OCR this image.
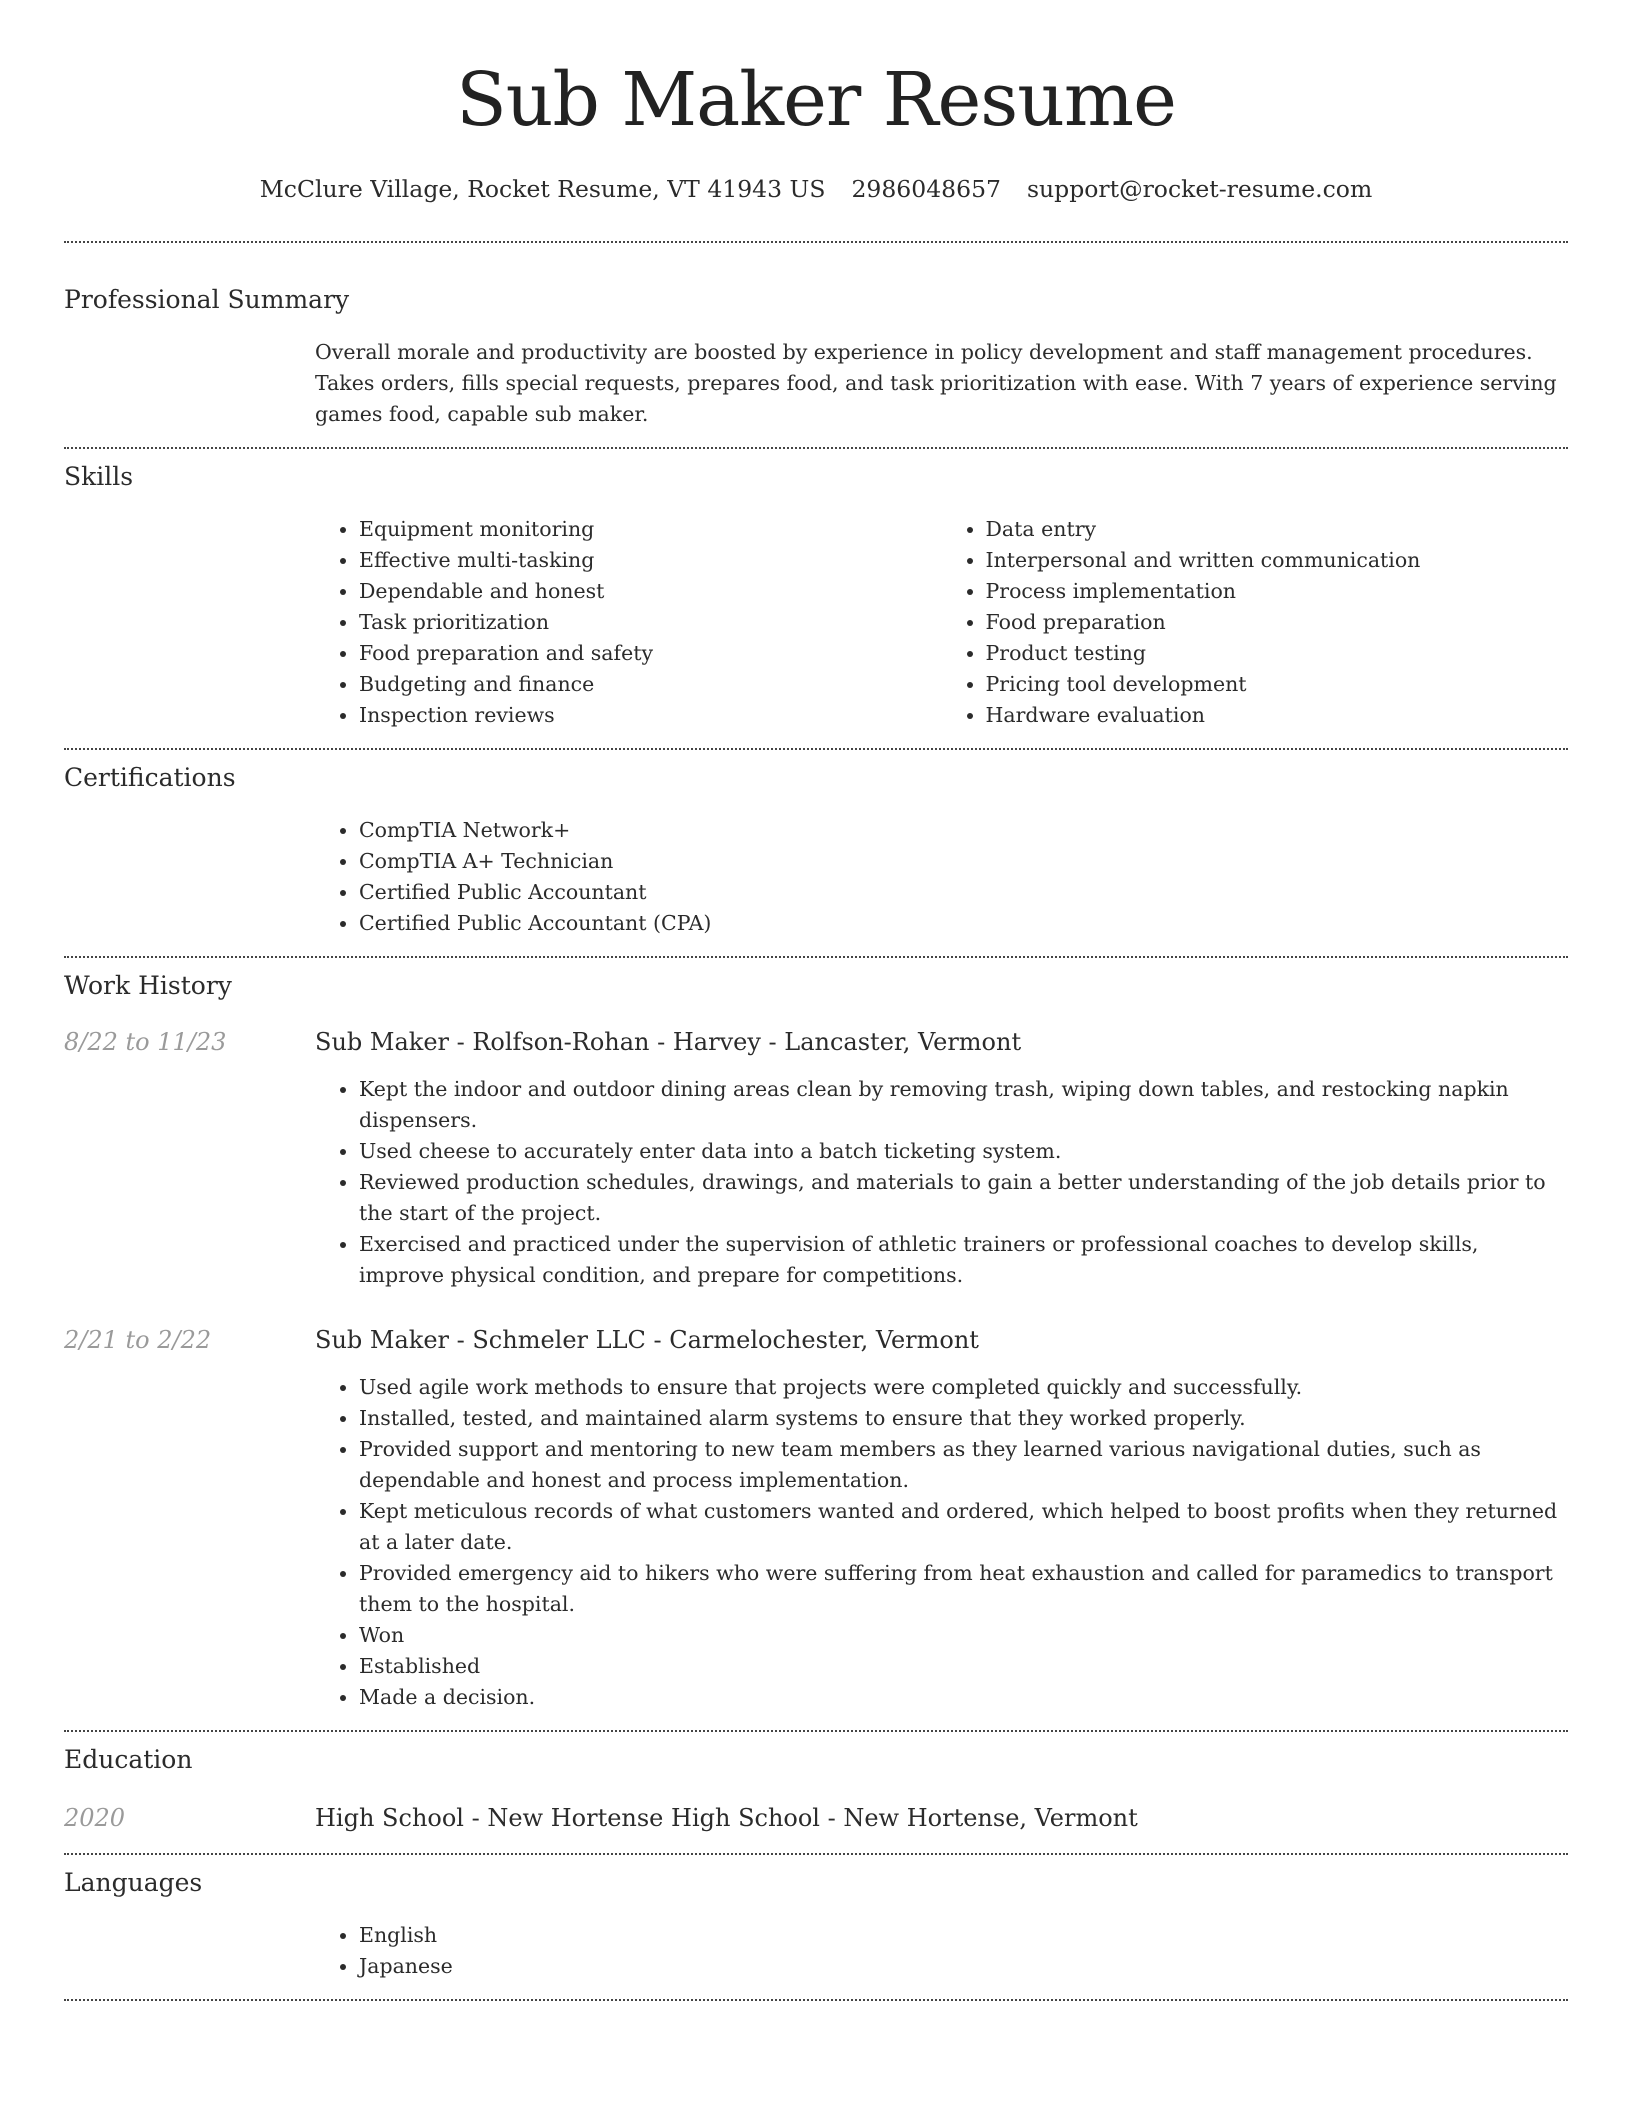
Sub Maker Resume
McClure Village, Rocket Resume, VT 41943 US 2986048657 support@rocket-resume.com
Professional Summary
Overall morale and productivity are boosted by experience in policy development and staff management procedures. Takes orders, fills special requests, prepares food, and task prioritization with ease. With 7 years of experience serving games food, capable sub maker.
Skills
• Equipment monitoring
• Effective multi-tasking
• Dependable and honest
• Task prioritization
• Food preparation and safety
• Budgeting and finance
• Inspection reviews
• Data entry
• Interpersonal and written communication
• Process implementation
• Food preparation
• Product testing
• Pricing tool development
• Hardware evaluation
Certifications
• CompTIA Network+
• CompTIA A+ Technician
• Certified Public Accountant
• Certified Public Accountant (CPA)
Work History
8/22 to 11/23	Sub Maker - Rolfson-Rohan - Harvey - Lancaster, Vermont
• Kept the indoor and outdoor dining areas clean by removing trash, wiping down tables, and restocking napkin dispensers.
• Used cheese to accurately enter data into a batch ticketing system.
• Reviewed production schedules, drawings, and materials to gain a better understanding of the job details prior to the start of the project.
• Exercised and practiced under the supervision of athletic trainers or professional coaches to develop skills, improve physical condition, and prepare for competitions.
2/21 to 2/22	Sub Maker - Schmeler LLC - Carmelochester, Vermont
• Used agile work methods to ensure that projects were completed quickly and successfully.
• Installed, tested, and maintained alarm systems to ensure that they worked properly.
• Provided support and mentoring to new team members as they learned various navigational duties, such as dependable and honest and process implementation.
• Kept meticulous records of what customers wanted and ordered, which helped to boost profits when they returned at a later date.
• Provided emergency aid to hikers who were suffering from heat exhaustion and called for paramedics to transport them to the hospital.
• Won
• Established
• Made a decision.
Education
2020	High School - New Hortense High School - New Hortense, Vermont
Languages
• English
• Japanese
